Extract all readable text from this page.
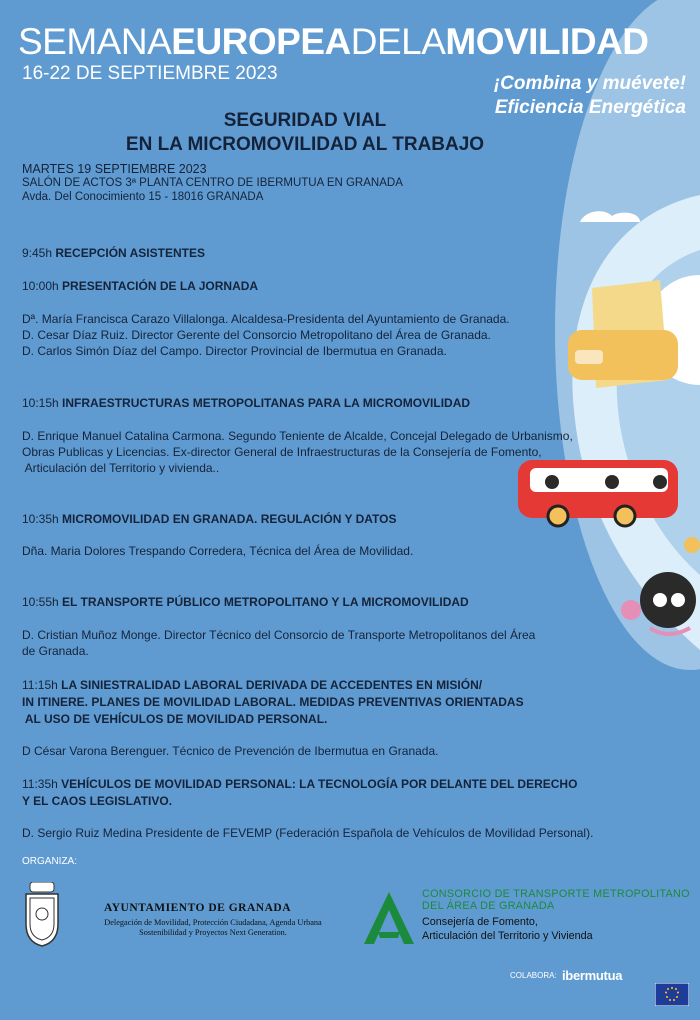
SEMANAEUROPEADELAMOVILIDAD
16-22 DE SEPTIEMBRE 2023	¡Combina y muévete!
Eficiencia Energética
SEGURIDAD VIAL
EN LA MICROMOVILIDAD AL TRABAJO
MARTES 19 SEPTIEMBRE 2023
SALÓN DE ACTOS 3ª PLANTA CENTRO DE IBERMUTUA EN GRANADA
Avda. Del Conocimiento 15 - 18016 GRANADA
9:45h RECEPCIÓN ASISTENTES
10:00h PRESENTACIÓN DE LA JORNADA
Dª. María Francisca Carazo Villalonga. Alcaldesa-Presidenta del Ayuntamiento de Granada.
D. Cesar Díaz Ruiz. Director Gerente del Consorcio Metropolitano del Área de Granada.
D. Carlos Simón Díaz del Campo. Director Provincial de Ibermutua en Granada.
10:15h INFRAESTRUCTURAS METROPOLITANAS PARA LA MICROMOVILIDAD
D. Enrique Manuel Catalina Carmona. Segundo Teniente de Alcalde, Concejal Delegado de Urbanismo,
Obras Publicas y Licencias. Ex-director General de Infraestructuras de la Consejería de Fomento,
Articulación del Territorio y vivienda..
10:35h MICROMOVILIDAD EN GRANADA. REGULACIÓN Y DATOS
Dña. Maria Dolores Trespando Corredera, Técnica del Área de Movilidad.
10:55h EL TRANSPORTE PÚBLICO METROPOLITANO Y LA MICROMOVILIDAD
D. Cristian Muñoz Monge. Director Técnico del Consorcio de Transporte Metropolitanos del Área
de Granada.
11:15h LA SINIESTRALIDAD LABORAL DERIVADA DE ACCEDENTES EN MISIÓN/
IN ITINERE. PLANES DE MOVILIDAD LABORAL. MEDIDAS PREVENTIVAS ORIENTADAS
AL USO DE VEHÍCULOS DE MOVILIDAD PERSONAL.
D César Varona Berenguer. Técnico de Prevención de Ibermutua en Granada.
11:35h VEHÍCULOS DE MOVILIDAD PERSONAL: LA TECNOLOGÍA POR DELANTE DEL DERECHO
Y EL CAOS LEGISLATIVO.
D. Sergio Ruiz Medina Presidente de FEVEMP (Federación Española de Vehículos de Movilidad Personal).
ORGANIZA:
AYUNTAMIENTO DE GRANADA
Delegación de Movilidad, Protección Ciudadana, Agenda Urbana
Sostenibilidad y Proyectos Next Generation.
CONSORCIO DE TRANSPORTE METROPOLITANO
DEL ÁREA DE GRANADA
Consejería de Fomento,
Articulación del Territorio y Vivienda
COLABORA: ibermutua
